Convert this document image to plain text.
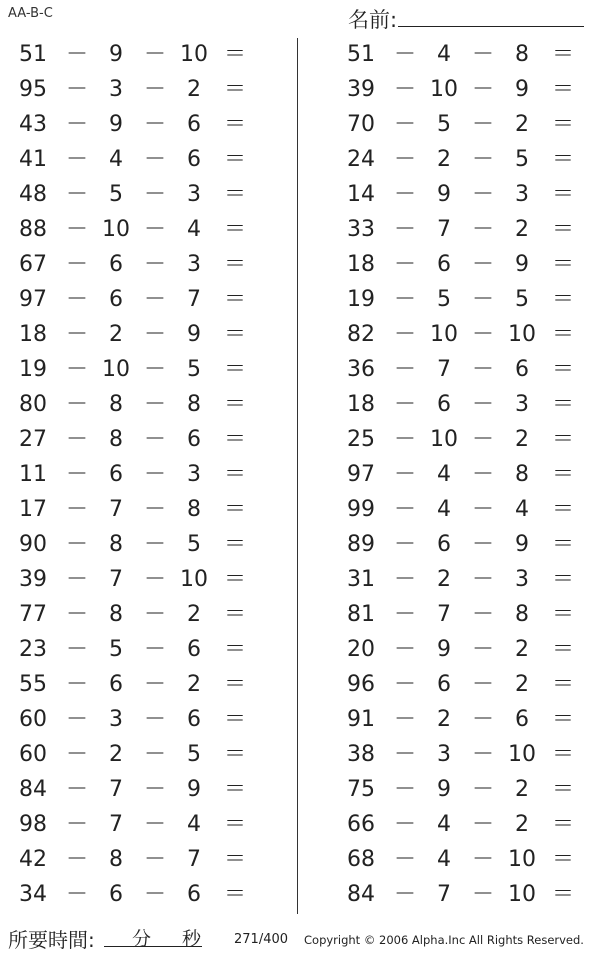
AA-B-C	名前:
51 － 9 － 10 ＝
95 － 3 － 2	＝
43 － 9 － 6	＝
41 － 4 － 6	＝
48 － 5 － 3	＝
88 － 10 － 4	＝
67 － 6 － 3	＝
97 － 6 － 7	＝
18 － 2 － 9	＝
19 － 10 － 5	＝
80 － 8 － 8	＝
27 － 8 － 6	＝
11 － 6 － 3	＝
17 － 7 － 8	＝
90 － 8 － 5	＝
39 － 7 － 10 ＝
77 － 8 － 2	＝
23 － 5 － 6	＝
55 － 6 － 2	＝
60 － 3 － 6	＝
60 － 2 － 5	＝
84 － 7 － 9	＝
98 － 7 － 4	＝
42 － 8 － 7	＝
34 － 6 － 6	＝
51 － 4 － 8	＝
39 － 10 － 9	＝
70 － 5 － 2	＝
24 － 2 － 5	＝
14 － 9 － 3	＝
33 － 7 － 2	＝
18 － 6 － 9	＝
19 － 5 － 5	＝
82 － 10 － 10 ＝
36 － 7 － 6	＝
18 － 6 － 3	＝
25 － 10 － 2	＝
97 － 4 － 8	＝
99 － 4 － 4	＝
89 － 6 － 9	＝
31 － 2 － 3	＝
81 － 7 － 8	＝
20 － 9 － 2	＝
96 － 6 － 2	＝
91 － 2 － 6	＝
38 － 3 － 10 ＝
75 － 9 － 2	＝
66 － 4 － 2	＝
68 － 4 － 10 ＝
84 － 7 － 10 ＝
所要時間: 分 秒	271/400 Copyright © 2006 Alpha.Inc All Rights Reserved.
